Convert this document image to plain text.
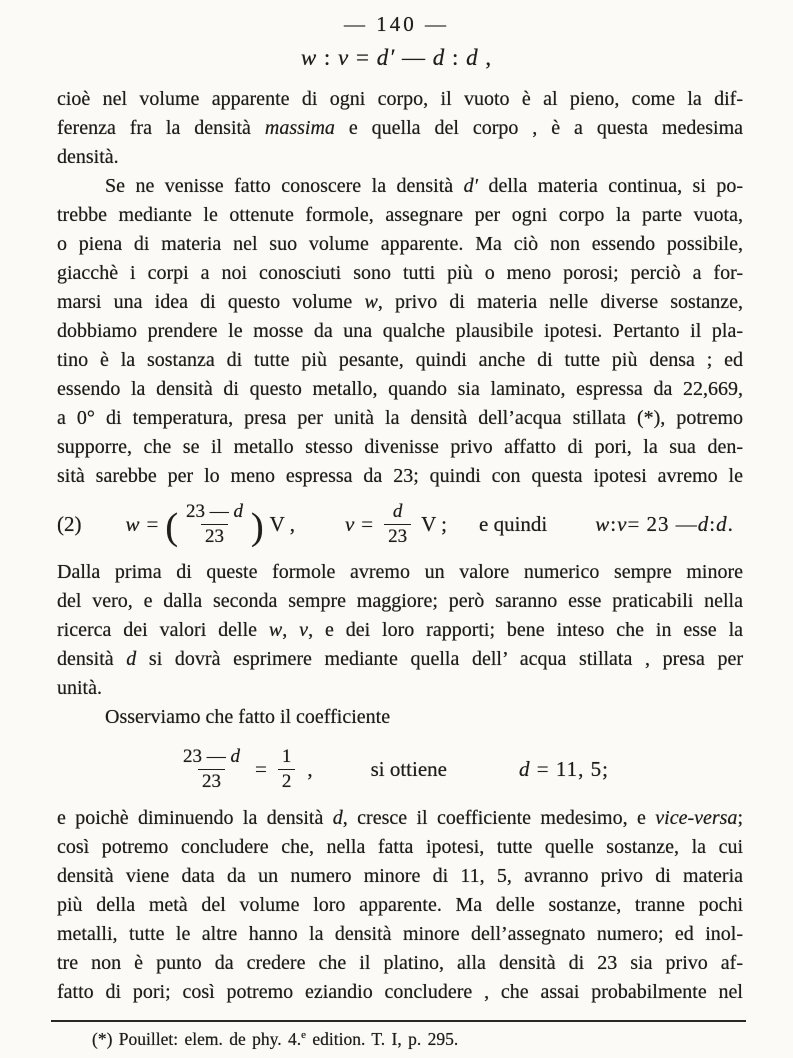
— 140 —
w : v = d′ — d : d ,
cioè nel volume apparente di ogni corpo, il vuoto è al pieno, come la dif-
ferenza fra la densità massima e quella del corpo , è a questa medesima
densità.
Se ne venisse fatto conoscere la densità d′ della materia continua, si po-
trebbe mediante le ottenute formole, assegnare per ogni corpo la parte vuota,
o piena di materia nel suo volume apparente. Ma ciò non essendo possibile,
giacchè i corpi a noi conosciuti sono tutti più o meno porosi; perciò a for-
marsi una idea di questo volume w, privo di materia nelle diverse sostanze,
dobbiamo prendere le mosse da una qualche plausibile ipotesi. Pertanto il pla-
tino è la sostanza di tutte più pesante, quindi anche di tutte più densa ; ed
essendo la densità di questo metallo, quando sia laminato, espressa da 22,669,
a 0° di temperatura, presa per unità la densità dell’acqua stillata (*), potremo
supporre, che se il metallo stesso divenisse privo affatto di pori, la sua den-
sità sarebbe per lo meno espressa da 23; quindi con questa ipotesi avremo le
(2) w = ( $\frac{23 — d}{23}$ ) V , $v = \frac{d}{23}$ V ; e quindi w : v = 23 — d : d .
Dalla prima di queste formole avremo un valore numerico sempre minore
del vero, e dalla seconda sempre maggiore; però saranno esse praticabili nella
ricerca dei valori delle w, v, e dei loro rapporti; bene inteso che in esse la
densità d si dovrà esprimere mediante quella dell’ acqua stillata , presa per
unità.
Osserviamo che fatto il coefficiente
$\frac{23 — d}{23} = \frac{1}{2}$ ,	si ottiene	d = 11, 5;
e poichè diminuendo la densità d, cresce il coefficiente medesimo, e vice-versa;
così potremo concludere che, nella fatta ipotesi, tutte quelle sostanze, la cui
densità viene data da un numero minore di 11, 5, avranno privo di materia
più della metà del volume loro apparente. Ma delle sostanze, tranne pochi
metalli, tutte le altre hanno la densità minore dell’assegnato numero; ed inol-
tre non è punto da credere che il platino, alla densità di 23 sia privo af-
fatto di pori; così potremo eziandio concludere , che assai probabilmente nel
(*) Pouillet: elem. de phy. 4.$^e$ edition. T. I, p. 295.
